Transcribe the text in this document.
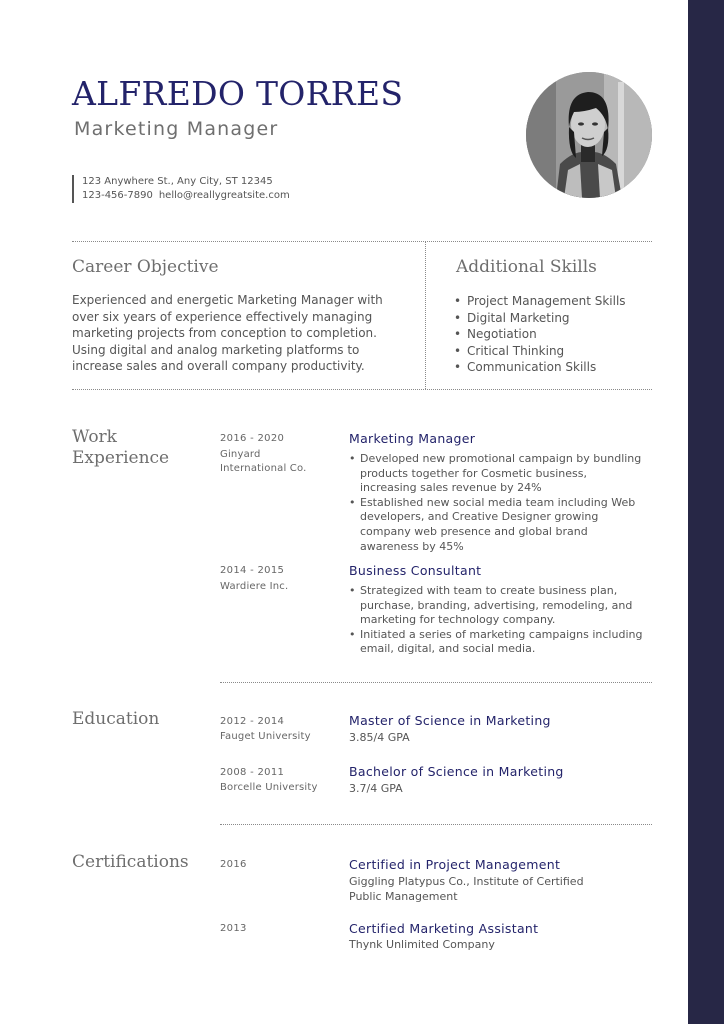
ALFREDO TORRES
Marketing Manager
123 Anywhere St., Any City, ST 12345
123-456-7890 hello@reallygreatsite.com
Career Objective
Experienced and energetic Marketing Manager with over six years of experience effectively managing marketing projects from conception to completion. Using digital and analog marketing platforms to increase sales and overall company productivity.
Additional Skills
• Project Management Skills
• Digital Marketing
• Negotiation
• Critical Thinking
• Communication Skills
Work
Experience
2016 - 2020
Ginyard
International Co.
Marketing Manager
• Developed new promotional campaign by bundling products together for Cosmetic business, increasing sales revenue by 24%
• Established new social media team including Web developers, and Creative Designer growing company web presence and global brand awareness by 45%
2014 - 2015
Wardiere Inc.
Business Consultant
• Strategized with team to create business plan, purchase, branding, advertising, remodeling, and marketing for technology company.
• Initiated a series of marketing campaigns including email, digital, and social media.
Education	2012 - 2014
Fauget University
Master of Science in Marketing
3.85/4 GPA
2008 - 2011
Borcelle University
Bachelor of Science in Marketing
3.7/4 GPA
Certifications	2016	Certified in Project Management
Giggling Platypus Co., Institute of Certified
Public Management
2013	Certified Marketing Assistant
Thynk Unlimited Company
